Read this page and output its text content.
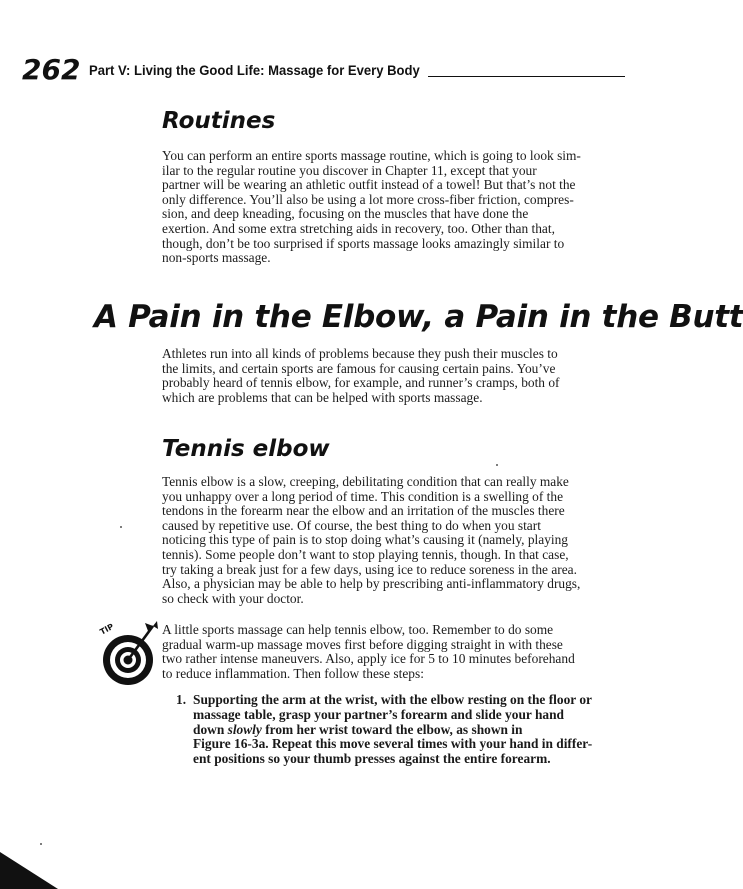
262 Part V: Living the Good Life: Massage for Every Body
Routines
You can perform an entire sports massage routine, which is going to look sim-
ilar to the regular routine you discover in Chapter 11, except that your
partner will be wearing an athletic outfit instead of a towel! But that’s not the
only difference. You’ll also be using a lot more cross-fiber friction, compres-
sion, and deep kneading, focusing on the muscles that have done the
exertion. And some extra stretching aids in recovery, too. Other than that,
though, don’t be too surprised if sports massage looks amazingly similar to
non-sports massage.
A Pain in the Elbow, a Pain in the Butt
Athletes run into all kinds of problems because they push their muscles to
the limits, and certain sports are famous for causing certain pains. You’ve
probably heard of tennis elbow, for example, and runner’s cramps, both of
which are problems that can be helped with sports massage.
Tennis elbow
Tennis elbow is a slow, creeping, debilitating condition that can really make
you unhappy over a long period of time. This condition is a swelling of the
tendons in the forearm near the elbow and an irritation of the muscles there
caused by repetitive use. Of course, the best thing to do when you start
noticing this type of pain is to stop doing what’s causing it (namely, playing
tennis). Some people don’t want to stop playing tennis, though. In that case,
try taking a break just for a few days, using ice to reduce soreness in the area.
Also, a physician may be able to help by prescribing anti-inflammatory drugs,
so check with your doctor.
TIP	A little sports massage can help tennis elbow, too. Remember to do some
gradual warm-up massage moves first before digging straight in with these
two rather intense maneuvers. Also, apply ice for 5 to 10 minutes beforehand
to reduce inflammation. Then follow these steps:
1. Supporting the arm at the wrist, with the elbow resting on the floor or
massage table, grasp your partner’s forearm and slide your hand
down slowly from her wrist toward the elbow, as shown in
Figure 16-3a. Repeat this move several times with your hand in differ-
ent positions so your thumb presses against the entire forearm.
